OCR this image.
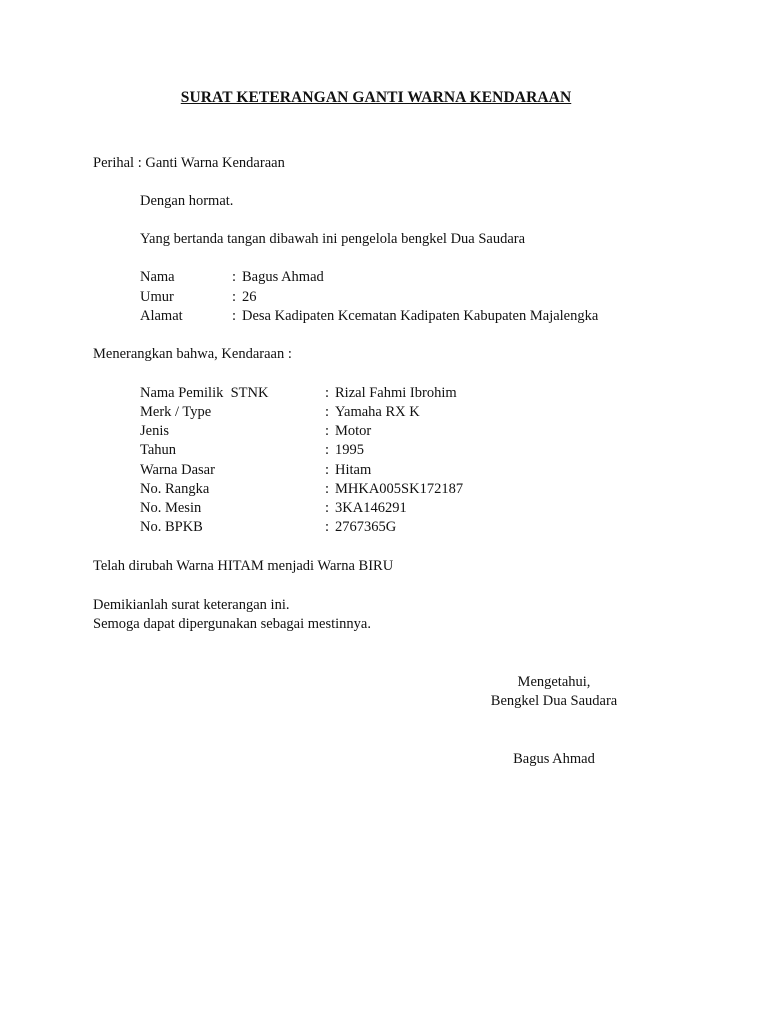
SURAT KETERANGAN GANTI WARNA KENDARAAN
Perihal : Ganti Warna Kendaraan
Dengan hormat.
Yang bertanda tangan dibawah ini pengelola bengkel Dua Saudara
Nama	: Bagus Ahmad
Umur	: 26
Alamat	: Desa Kadipaten Kcematan Kadipaten Kabupaten Majalengka
Menerangkan bahwa, Kendaraan :
Nama Pemilik  STNK	: Rizal Fahmi Ibrohim
Merk / Type	: Yamaha RX K
Jenis	: Motor
Tahun	: 1995
Warna Dasar	: Hitam
No. Rangka	: MHKA005SK172187
No. Mesin	: 3KA146291
No. BPKB	: 2767365G
Telah dirubah Warna HITAM menjadi Warna BIRU
Demikianlah surat keterangan ini.
Semoga dapat dipergunakan sebagai mestinnya.
Mengetahui,
Bengkel Dua Saudara
Bagus Ahmad
